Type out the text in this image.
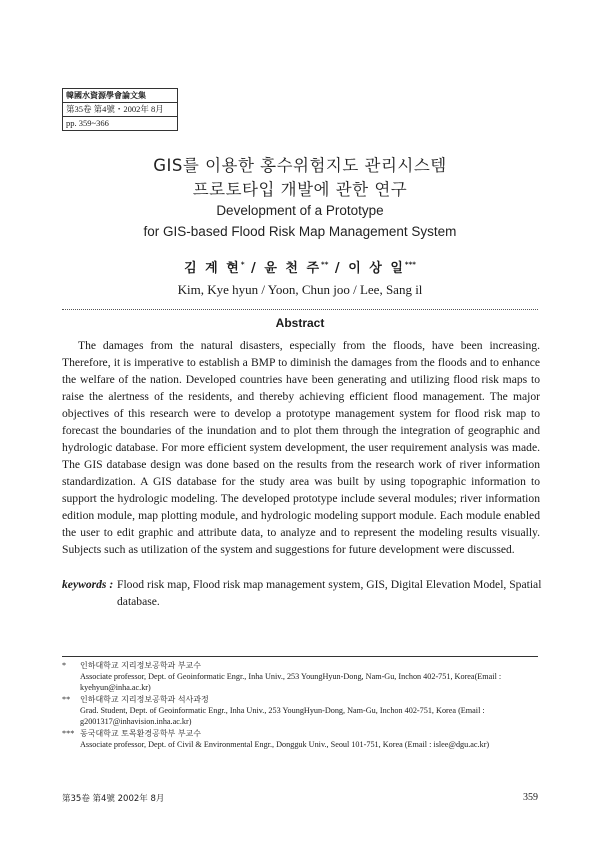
韓國水資源學會論文集
第35卷 第4號・2002年 8月
pp. 359~366
GIS를 이용한 홍수위험지도 관리시스템
프로토타입 개발에 관한 연구
Development of a Prototype
for GIS-based Flood Risk Map Management System
김 계 현* / 윤 천 주** / 이 상 일***
Kim, Kye hyun / Yoon, Chun joo / Lee, Sang il
Abstract

The damages from the natural disasters, especially from the floods, have been increasing. Therefore, it is imperative to establish a BMP to diminish the damages from the floods and to enhance the welfare of the nation. Developed countries have been generating and utilizing flood risk maps to raise the alertness of the residents, and thereby achieving efficient flood management. The major objectives of this research were to develop a prototype management system for flood risk map to forecast the boundaries of the inundation and to plot them through the integration of geographic and hydrologic database. For more efficient system development, the user requirement analysis was made. The GIS database design was done based on the results from the research work of river information standardization. A GIS database for the study area was built by using topographic information to support the hydrologic modeling. The developed prototype include several modules; river information edition module, map plotting module, and hydrologic modeling support module. Each module enabled the user to edit graphic and attribute data, to analyze and to represent the modeling results visually. Subjects such as utilization of the system and suggestions for future development were discussed.

keywords : Flood risk map, Flood risk map management system, GIS, Digital Elevation Model, Spatial database.
* 인하대학교 지리정보공학과 부교수
Associate professor, Dept. of Geoinformatic Engr., Inha Univ., 253 YoungHyun-Dong, Nam-Gu, Inchon 402-751, Korea(Email : kyehyun@inha.ac.kr)
** 인하대학교 지리정보공학과 석사과정
Grad. Student, Dept. of Geoinformatic Engr., Inha Univ., 253 YoungHyun-Dong, Nam-Gu, Inchon 402-751, Korea (Email : g2001317@inhavision.inha.ac.kr)
*** 동국대학교 토목환경공학부 부교수
Associate professor, Dept. of Civil & Environmental Engr., Dongguk Univ., Seoul 101-751, Korea (Email : islee@dgu.ac.kr)
第35卷 第4號 2002年 8月	359
